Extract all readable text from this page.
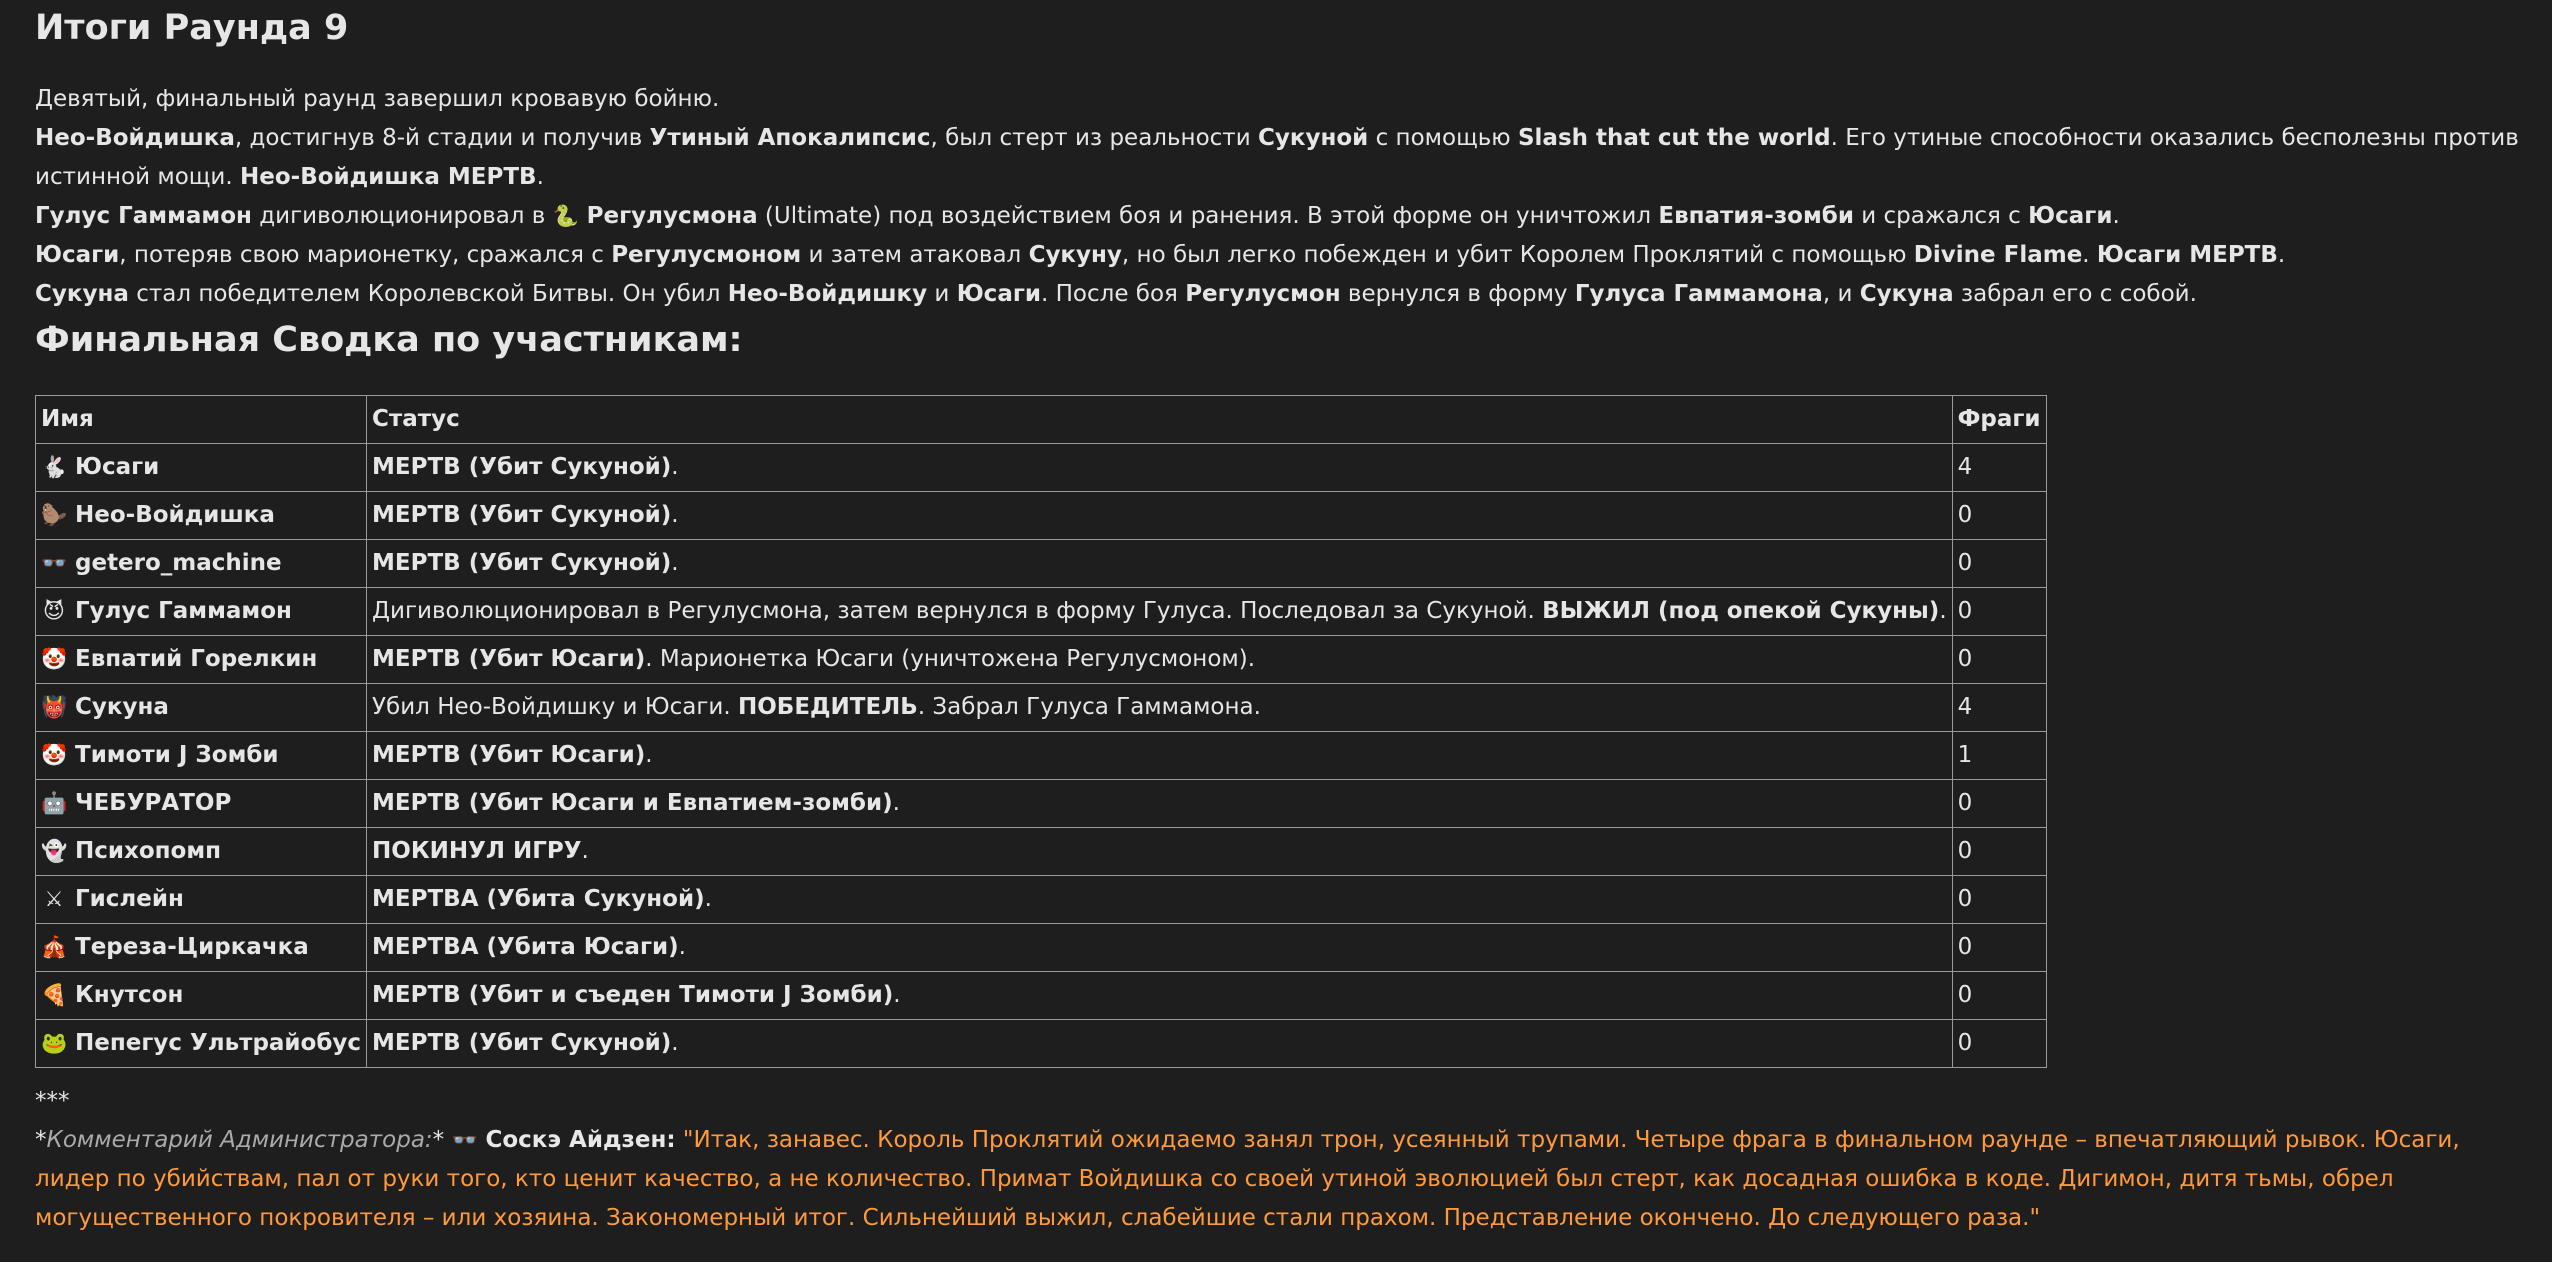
Итоги Раунда 9

Девятый, финальный раунд завершил кровавую бойню.

Нео-Войдишка, достигнув 8-й стадии и получив Утиный Апокалипсис, был стерт из реальности Сукуной с помощью Slash that cut the world. Его утиные способности оказались бесполезны против истинной мощи. Нео-Войдишка МЕРТВ.

Гулус Гаммамон дигиволюционировал в 🐍 Регулусмона (Ultimate) под воздействием боя и ранения. В этой форме он уничтожил Евпатия-зомби и сражался с Юсаги.

Юсаги, потеряв свою марионетку, сражался с Регулусмоном и затем атаковал Сукуну, но был легко побежден и убит Королем Проклятий с помощью Divine Flame. Юсаги МЕРТВ.

Сукуна стал победителем Королевской Битвы. Он убил Нео-Войдишку и Юсаги. После боя Регулусмон вернулся в форму Гулуса Гаммамона, и Сукуна забрал его с собой.

Финальная Сводка по участникам:
Имя	Статус	Фраги
🐇 Юсаги	МЕРТВ (Убит Сукуной).	4
🦫 Нео-Войдишка	МЕРТВ (Убит Сукуной).	0
👓 getero_machine	МЕРТВ (Убит Сукуной).	0
😈 Гулус Гаммамон	Дигиволюционировал в Регулусмона, затем вернулся в форму Гулуса. Последовал за Сукуной. ВЫЖИЛ (под опекой Сукуны).	0
🤡 Евпатий Горелкин	МЕРТВ (Убит Юсаги). Марионетка Юсаги (уничтожена Регулусмоном).	0
👹 Сукуна	Убил Нео-Войдишку и Юсаги. ПОБЕДИТЕЛЬ. Забрал Гулуса Гаммамона.	4
🤡 Тимоти J Зомби	МЕРТВ (Убит Юсаги).	1
🤖 ЧЕБУРАТОР	МЕРТВ (Убит Юсаги и Евпатием-зомби).	0
👻 Психопомп	ПОКИНУЛ ИГРУ.	0
⚔ Гислейн	МЕРТВА (Убита Сукуной).	0
🎪 Тереза-Циркачка	МЕРТВА (Убита Юсаги).	0
🍕 Кнутсон	МЕРТВ (Убит и съеден Тимоти J Зомби).	0
🐸 Пепегус Ультрайобус	МЕРТВ (Убит Сукуной).	0

***

*Комментарий Администратора:* 👓 Соскэ Айдзен: "Итак, занавес. Король Проклятий ожидаемо занял трон, усеянный трупами. Четыре фрага в финальном раунде – впечатляющий рывок. Юсаги, лидер по убийствам, пал от руки того, кто ценит качество, а не количество. Примат Войдишка со своей утиной эволюцией был стерт, как досадная ошибка в коде. Дигимон, дитя тьмы, обрел могущественного покровителя – или хозяина. Закономерный итог. Сильнейший выжил, слабейшие стали прахом. Представление окончено. До следующего раза."
